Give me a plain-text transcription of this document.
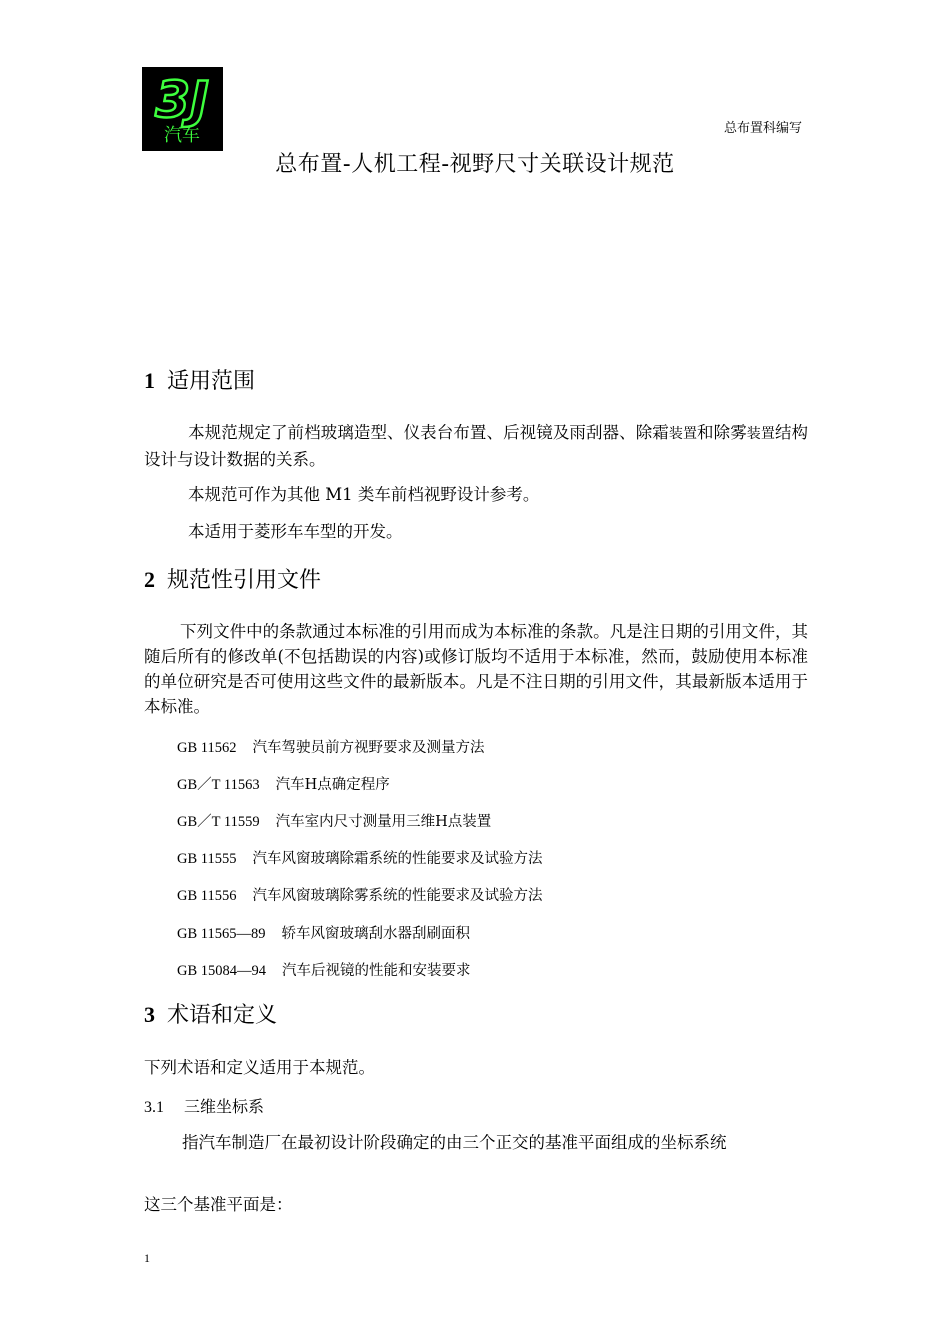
3J
汽车	总布置科编写
总布置-人机工程-视野尺寸关联设计规范
1 适用范围
本规范规定了前档玻璃造型、仪表台布置、后视镜及雨刮器、除霜装置和除雾装置结构设计与设计数据的关系。
本规范可作为其他 M1 类车前档视野设计参考。
本适用于菱形车车型的开发。
2 规范性引用文件
下列文件中的条款通过本标准的引用而成为本标准的条款。凡是注日期的引用文件，其随后所有的修改单(不包括勘误的内容)或修订版均不适用于本标准，然而，鼓励使用本标准的单位研究是否可使用这些文件的最新版本。凡是不注日期的引用文件，其最新版本适用于本标准。
GB 11562 汽车驾驶员前方视野要求及测量方法
GB／T 11563 汽车H点确定程序
GB／T 11559 汽车室内尺寸测量用三维H点装置
GB 11555 汽车风窗玻璃除霜系统的性能要求及试验方法
GB 11556 汽车风窗玻璃除雾系统的性能要求及试验方法
GB 11565—89 轿车风窗玻璃刮水器刮刷面积
GB 15084—94 汽车后视镜的性能和安装要求
3 术语和定义
下列术语和定义适用于本规范。
3.1 三维坐标系
指汽车制造厂在最初设计阶段确定的由三个正交的基准平面组成的坐标系统
这三个基准平面是：
1
